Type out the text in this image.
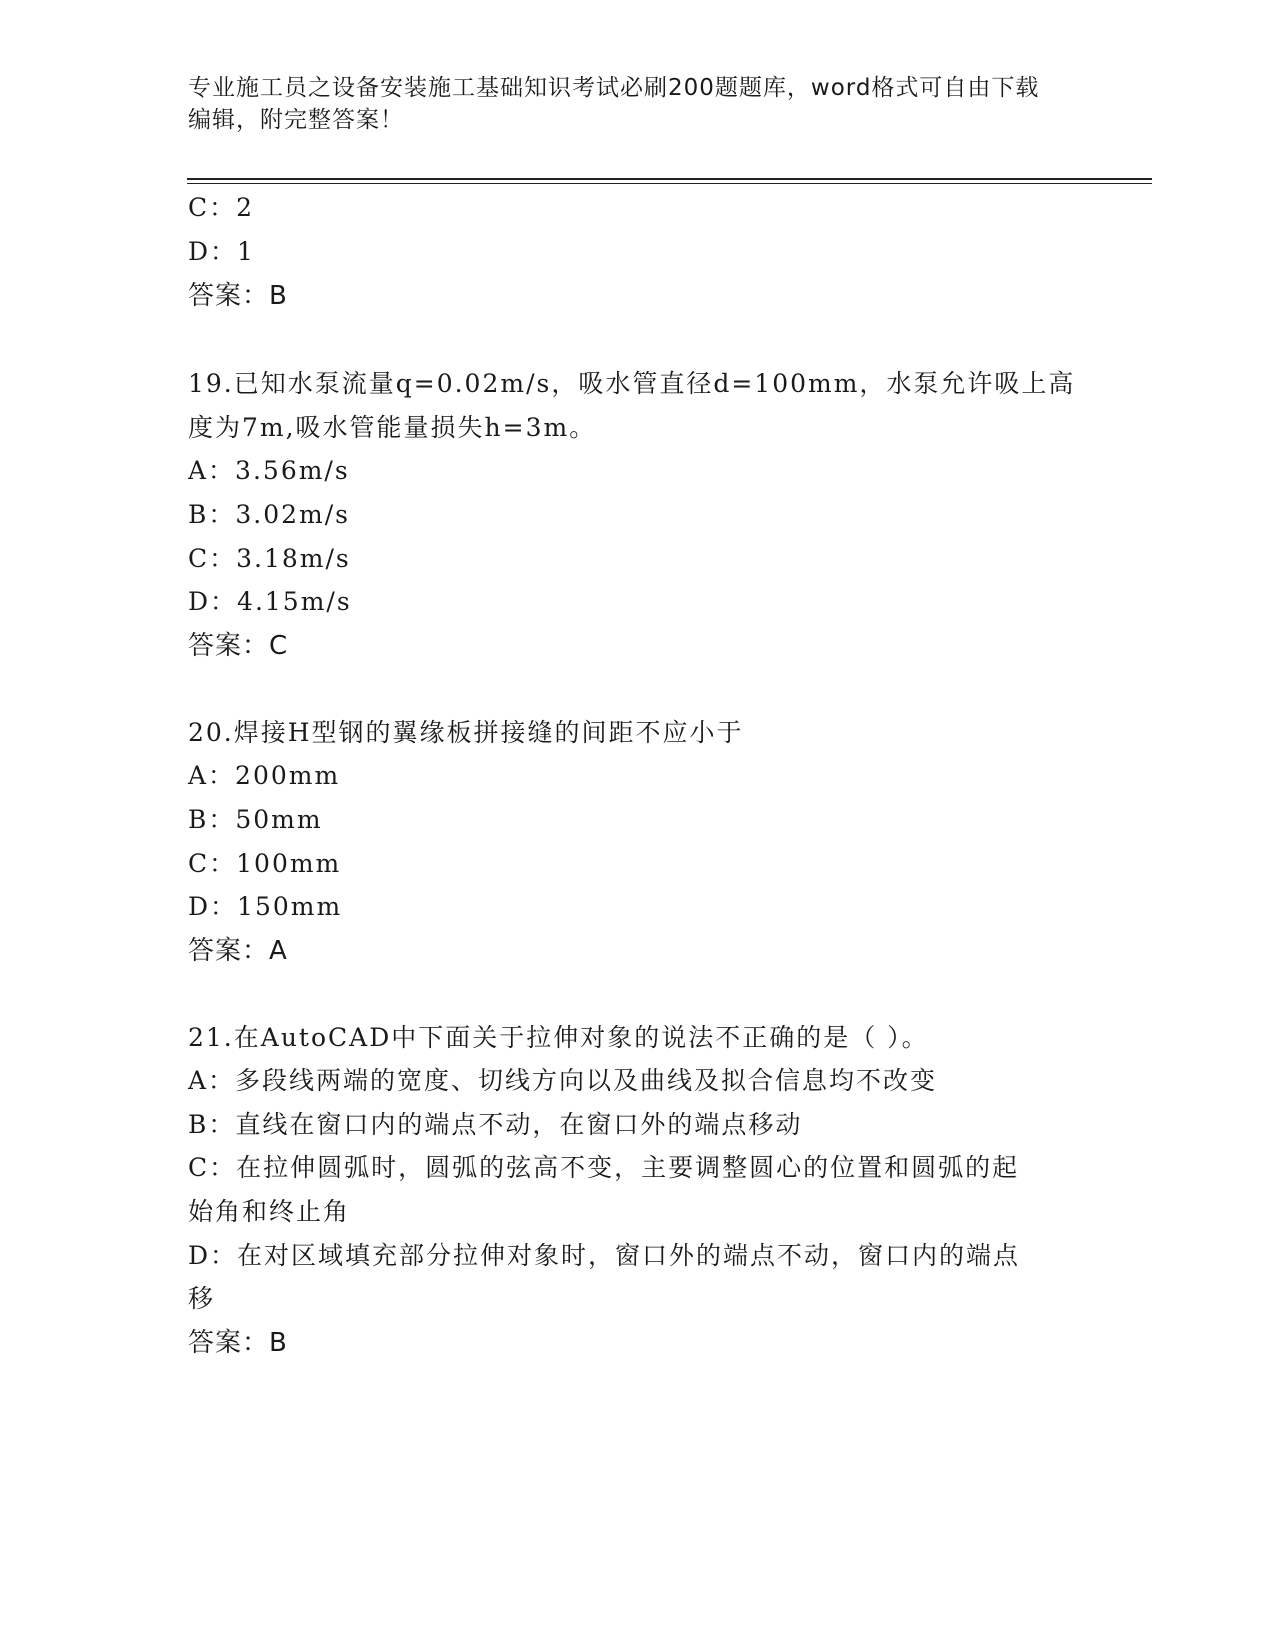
专业施工员之设备安装施工基础知识考试必刷200题题库，word格式可自由下载
编辑，附完整答案！
C：2
D：1
答案：B
19.已知水泵流量q=0.02m/s，吸水管直径d=100mm，水泵允许吸上高
度为7m,吸水管能量损失h=3m。
A：3.56m/s
B：3.02m/s
C：3.18m/s
D：4.15m/s
答案：C
20.焊接H型钢的翼缘板拼接缝的间距不应小于
A：200mm
B：50mm
C：100mm
D：150mm
答案：A
21.在AutoCAD中下面关于拉伸对象的说法不正确的是（ ）。
A：多段线两端的宽度、切线方向以及曲线及拟合信息均不改变
B：直线在窗口内的端点不动，在窗口外的端点移动
C：在拉伸圆弧时，圆弧的弦高不变，主要调整圆心的位置和圆弧的起
始角和终止角
D：在对区域填充部分拉伸对象时，窗口外的端点不动，窗口内的端点
移
答案：B
